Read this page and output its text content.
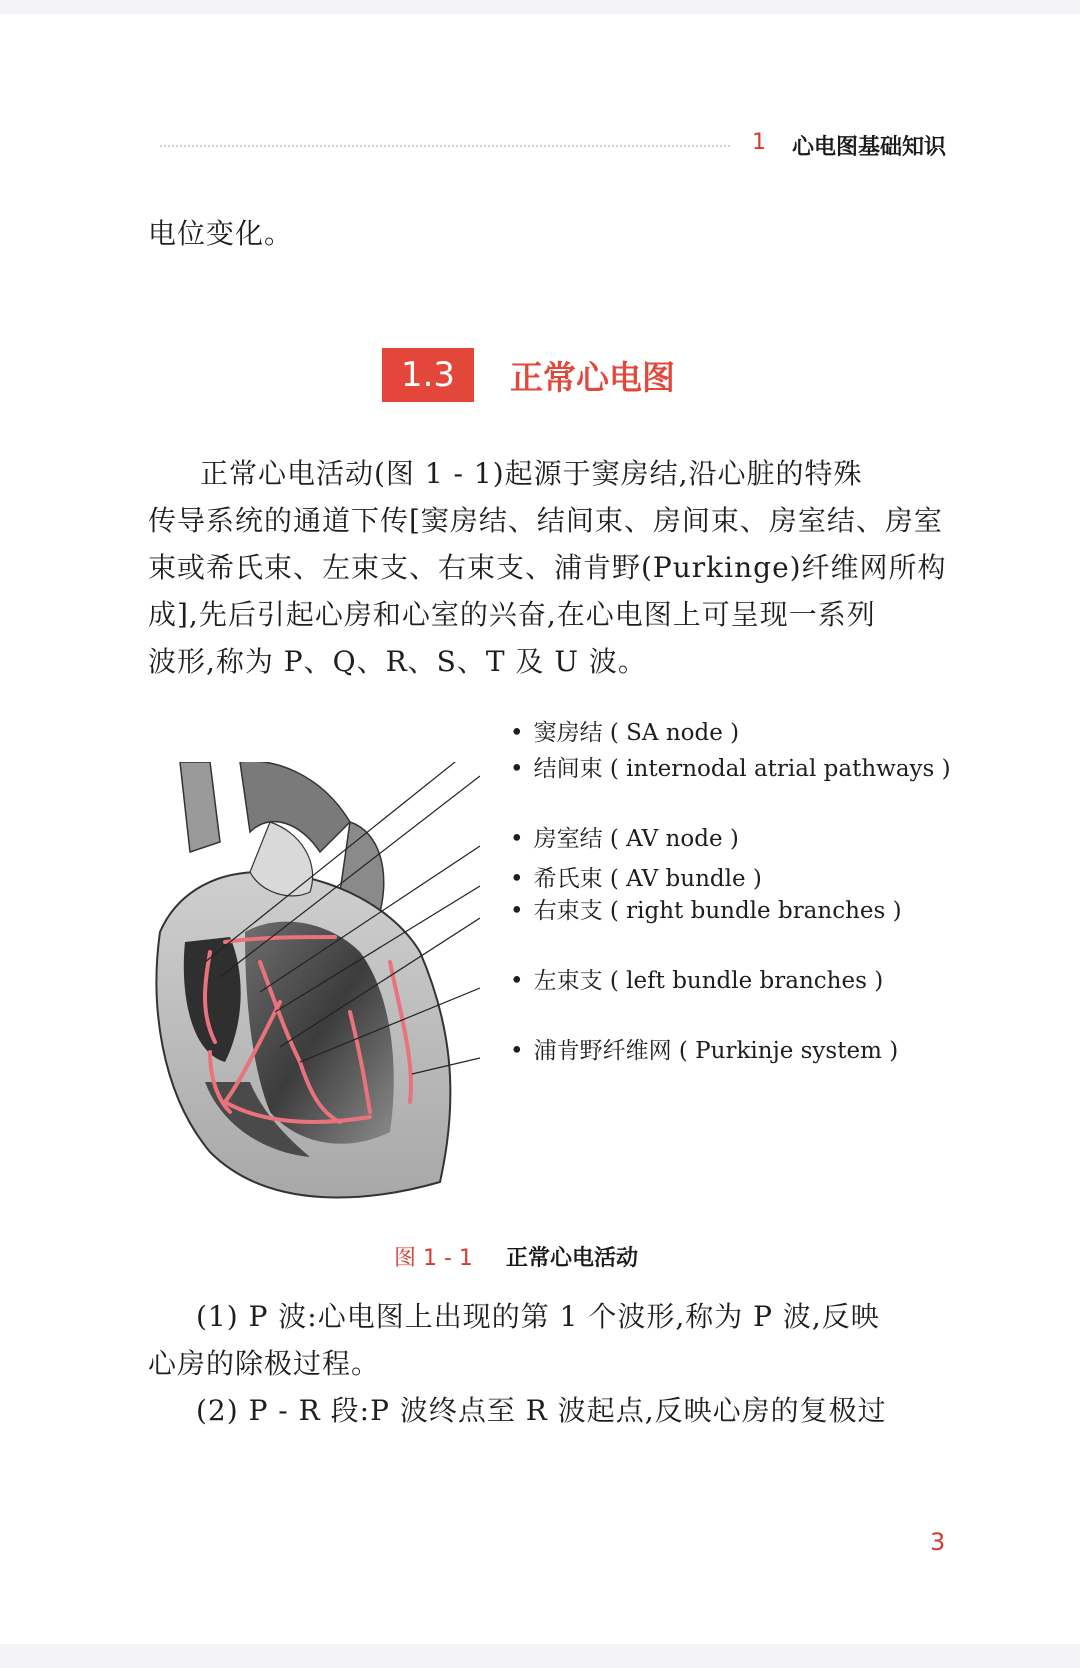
1 心电图基础知识
电位变化。
1.3	正常心电图
正常心电活动(图 1 - 1)起源于窦房结,沿心脏的特殊
传导系统的通道下传[窦房结、结间束、房间束、房室结、房室
束或希氏束、左束支、右束支、浦肯野(Purkinge)纤维网所构
成],先后引起心房和心室的兴奋,在心电图上可呈现一系列
波形,称为 P、Q、R、S、T 及 U 波。
• 窦房结 ( SA node )
• 结间束 ( internodal atrial pathways )
• 房室结 ( AV node )
• 希氏束 ( AV bundle )
• 右束支 ( right bundle branches )
• 左束支 ( left bundle branches )
• 浦肯野纤维网 ( Purkinje system )
图 1 - 1 正常心电活动
(1) P 波:心电图上出现的第 1 个波形,称为 P 波,反映
心房的除极过程。
(2) P - R 段:P 波终点至 R 波起点,反映心房的复极过
3
